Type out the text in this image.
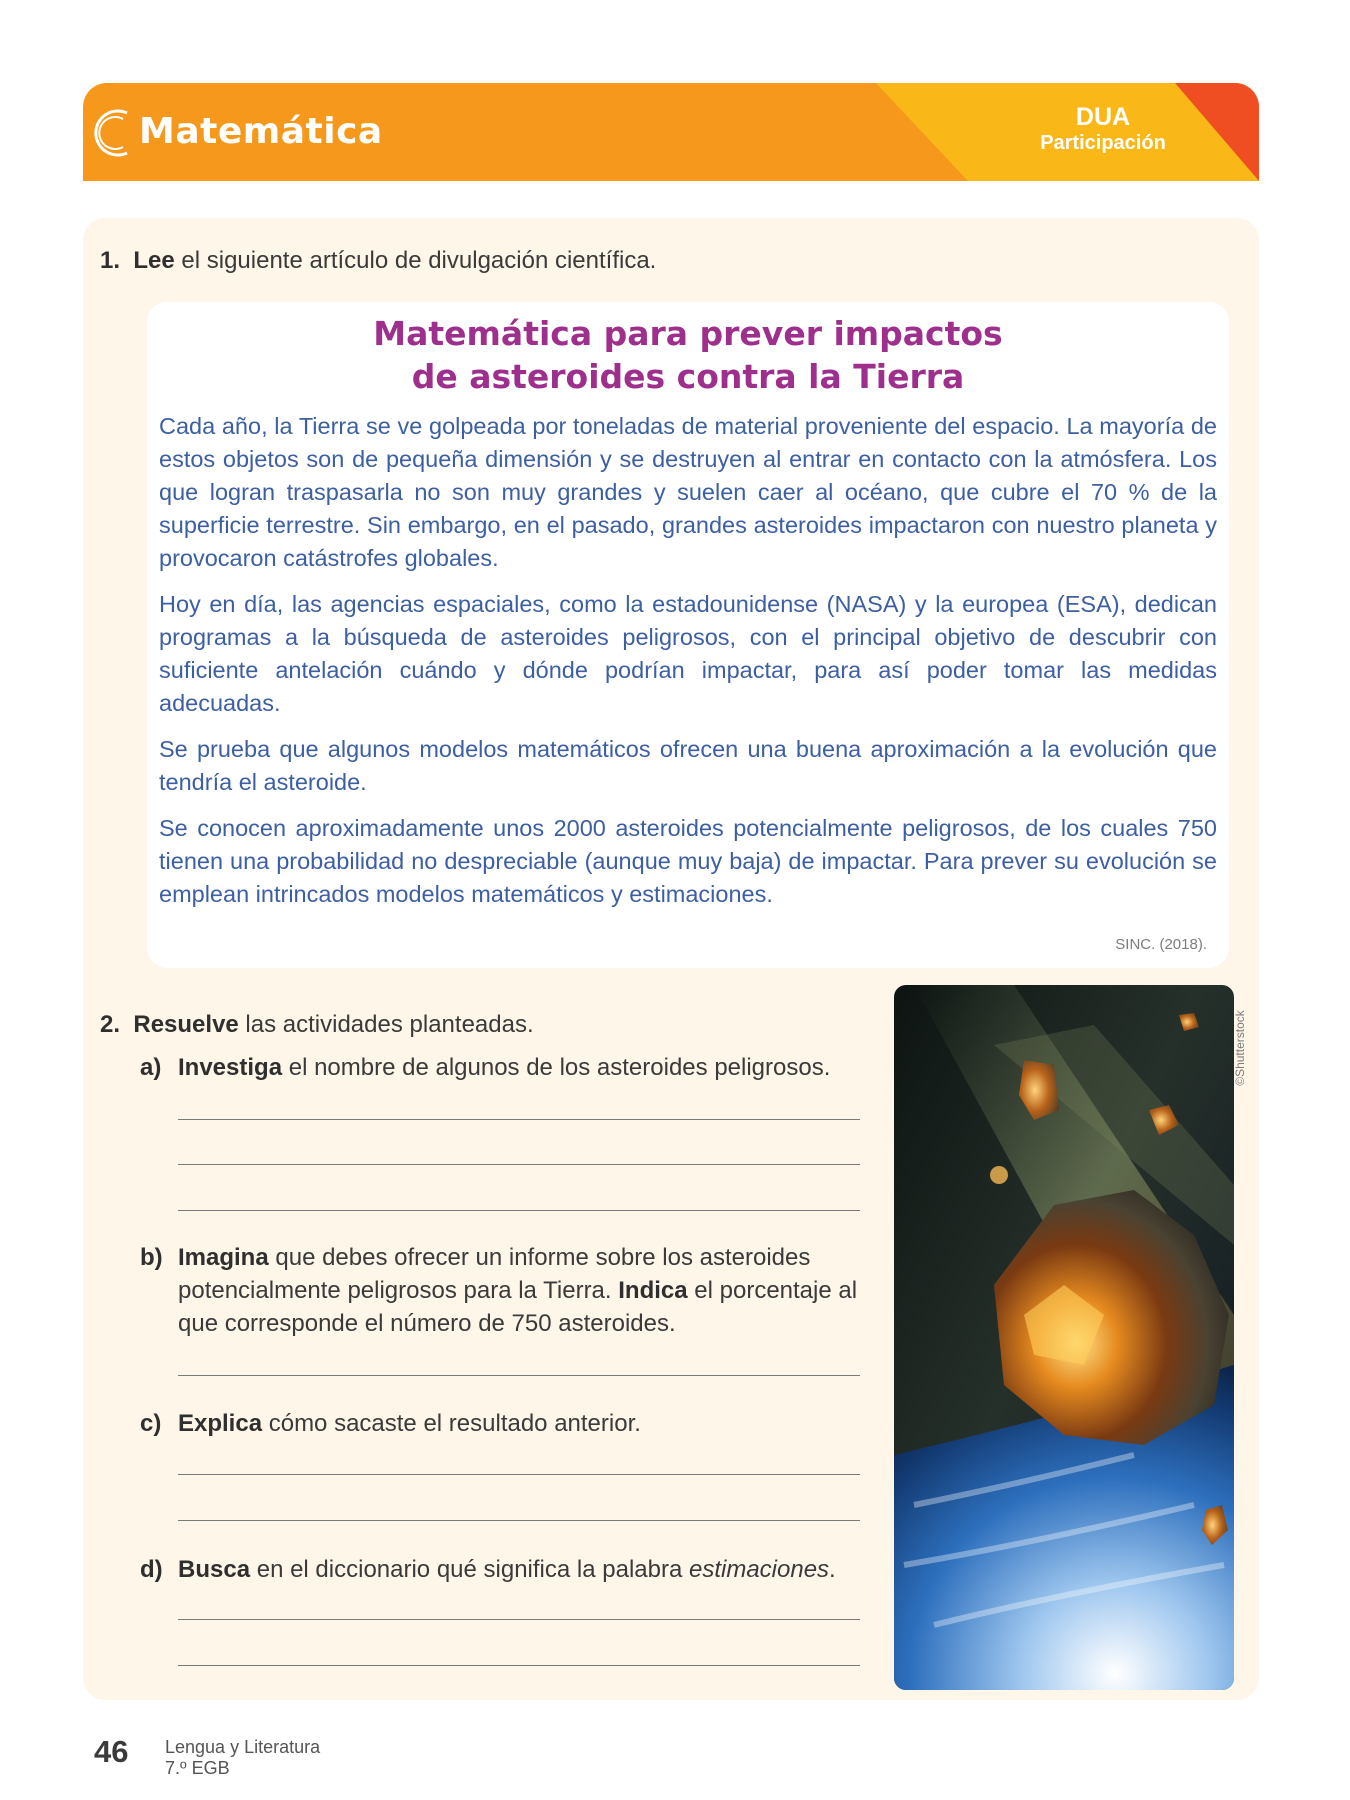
Matemática	DUA
Participación
1. Lee el siguiente artículo de divulgación científica.
Matemática para prever impactos
de asteroides contra la Tierra

Cada año, la Tierra se ve golpeada por toneladas de material proveniente del espacio. La mayoría de estos objetos son de pequeña dimensión y se destruyen al entrar en contacto con la atmósfera. Los que logran traspasarla no son muy grandes y suelen caer al océano, que cubre el 70 % de la superficie terrestre. Sin embargo, en el pasado, grandes asteroides impactaron con nuestro planeta y provocaron catástrofes globales.

Hoy en día, las agencias espaciales, como la estadounidense (NASA) y la europea (ESA), dedican programas a la búsqueda de asteroides peligrosos, con el principal objetivo de descubrir con suficiente antelación cuándo y dónde podrían impactar, para así poder tomar las medidas adecuadas.

Se prueba que algunos modelos matemáticos ofrecen una buena aproximación a la evolución que tendría el asteroide.

Se conocen aproximadamente unos 2000 asteroides potencialmente peligrosos, de los cuales 750 tienen una probabilidad no despreciable (aunque muy baja) de impactar. Para prever su evolución se emplean intrincados modelos matemáticos y estimaciones.

SINC. (2018).
2. Resuelve las actividades planteadas.
a) Investiga el nombre de algunos de los asteroides peligrosos.
b) Imagina que debes ofrecer un informe sobre los asteroides potencialmente peligrosos para la Tierra. Indica el porcentaje al que corresponde el número de 750 asteroides.
c) Explica cómo sacaste el resultado anterior.
d) Busca en el diccionario qué significa la palabra estimaciones.
©Shutterstock
46 Lengua y Literatura
7.º EGB
